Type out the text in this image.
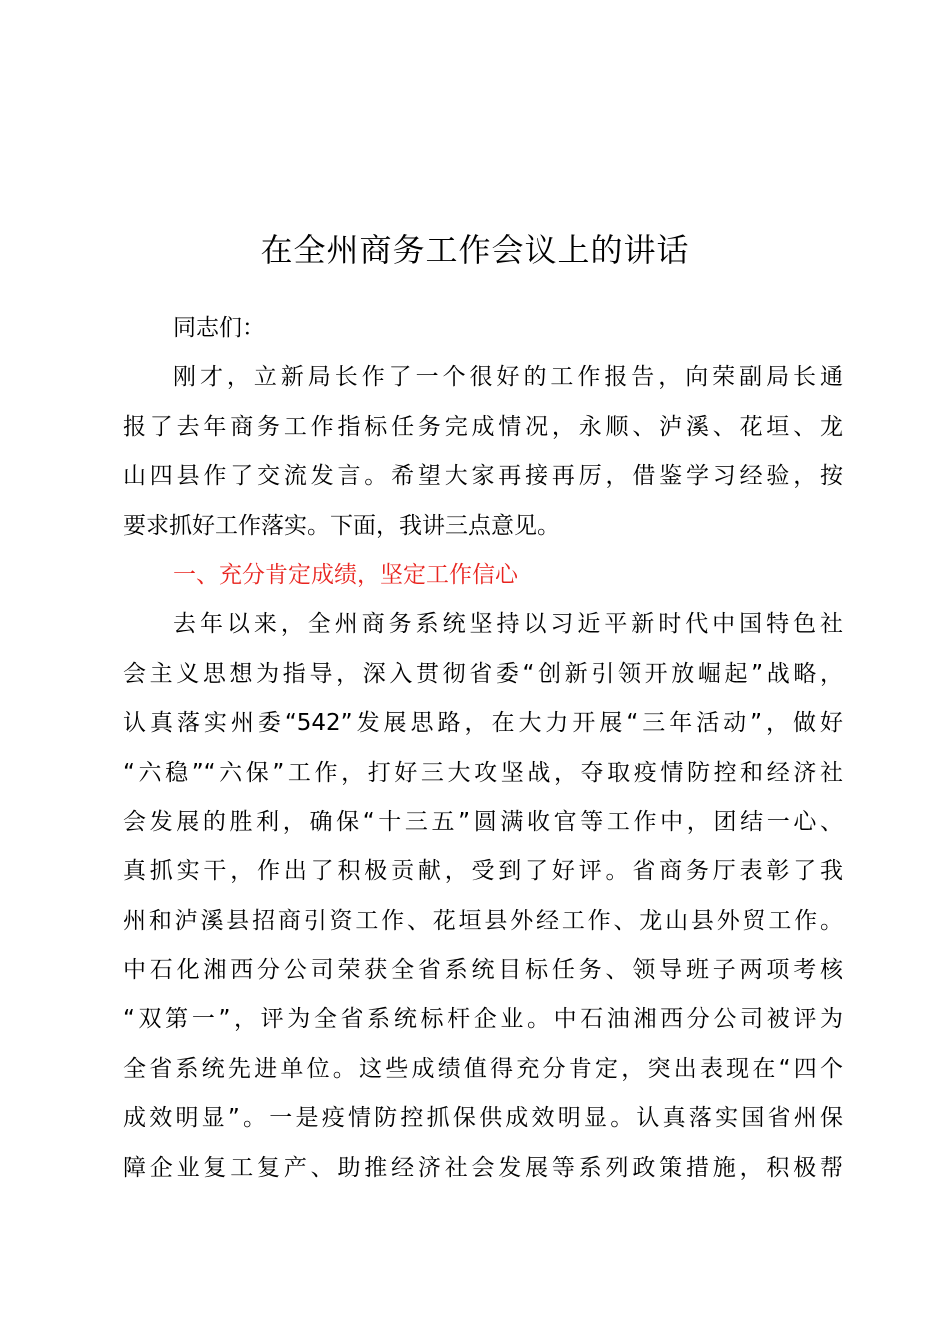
在全州商务工作会议上的讲话
同志们：
刚才，立新局长作了一个很好的工作报告，向荣副局长通
报了去年商务工作指标任务完成情况，永顺、泸溪、花垣、龙
山四县作了交流发言。希望大家再接再厉，借鉴学习经验，按
要求抓好工作落实。下面，我讲三点意见。
一、充分肯定成绩，坚定工作信心
去年以来，全州商务系统坚持以习近平新时代中国特色社
会主义思想为指导，深入贯彻省委“创新引领开放崛起”战略，
认真落实州委“542”发展思路，在大力开展“三年活动”，做好
“六稳”“六保”工作，打好三大攻坚战，夺取疫情防控和经济社
会发展的胜利，确保“十三五”圆满收官等工作中，团结一心、
真抓实干，作出了积极贡献，受到了好评。省商务厅表彰了我
州和泸溪县招商引资工作、花垣县外经工作、龙山县外贸工作。
中石化湘西分公司荣获全省系统目标任务、领导班子两项考核
“双第一”，评为全省系统标杆企业。中石油湘西分公司被评为
全省系统先进单位。这些成绩值得充分肯定，突出表现在“四个
成效明显”。一是疫情防控抓保供成效明显。认真落实国省州保
障企业复工复产、助推经济社会发展等系列政策措施，积极帮
